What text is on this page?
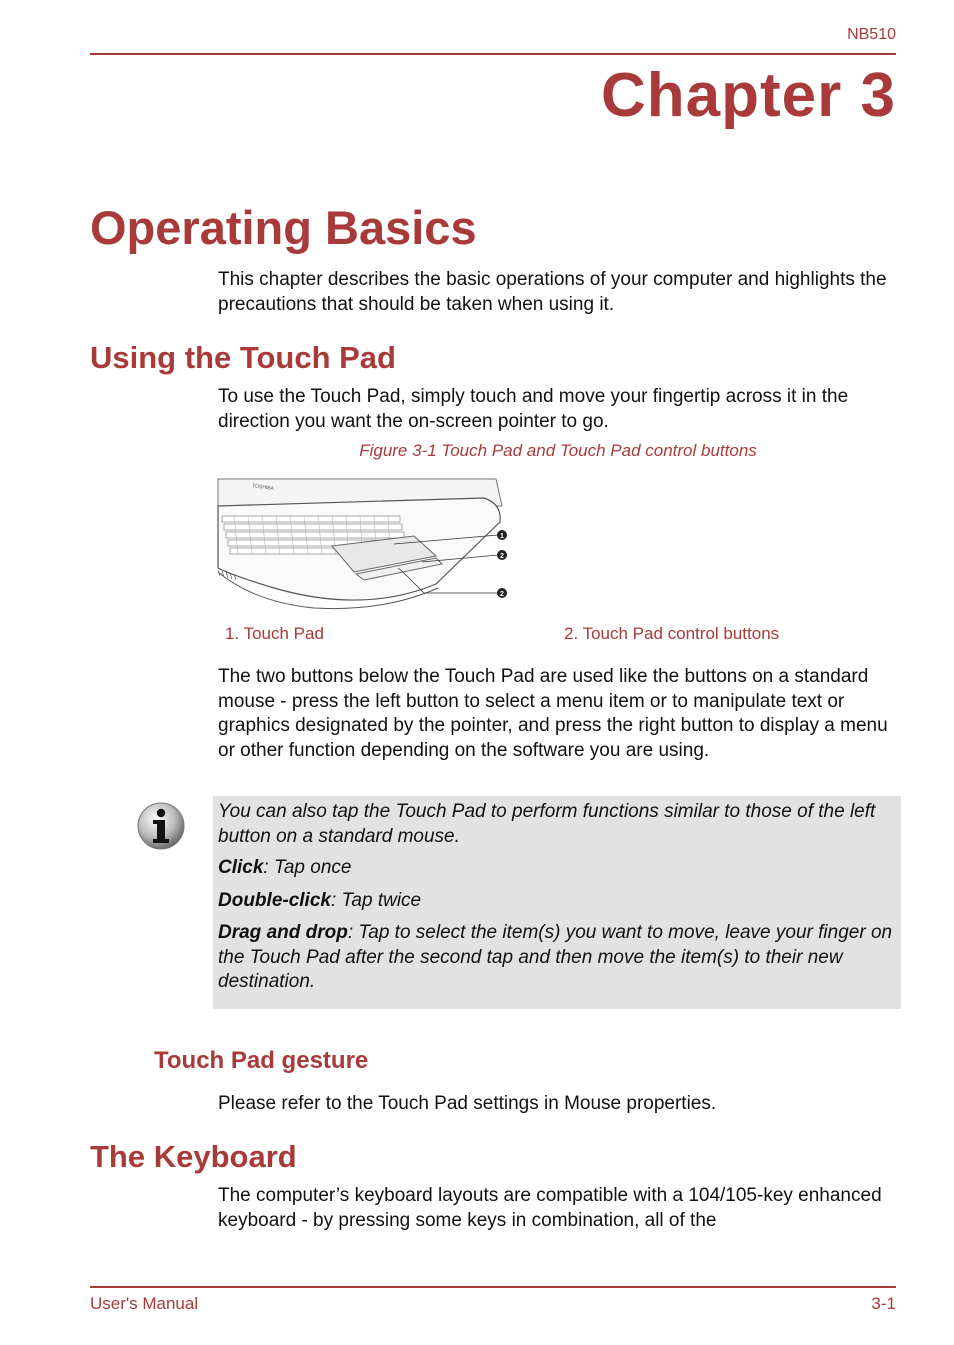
NB510
Chapter 3
Operating Basics

This chapter describes the basic operations of your computer and highlights the precautions that should be taken when using it.

Using the Touch Pad

To use the Touch Pad, simply touch and move your fingertip across it in the direction you want the on-screen pointer to go.

Figure 3-1 Touch Pad and Touch Pad control buttons
TOSHIBA
1
2
2
1. Touch Pad	2. Touch Pad control buttons

The two buttons below the Touch Pad are used like the buttons on a standard mouse - press the left button to select a menu item or to manipulate text or graphics designated by the pointer, and press the right button to display a menu or other function depending on the software you are using.

You can also tap the Touch Pad to perform functions similar to those of the left button on a standard mouse.

Click: Tap once

Double-click: Tap twice

Drag and drop: Tap to select the item(s) you want to move, leave your finger on the Touch Pad after the second tap and then move the item(s) to their new destination.

Touch Pad gesture

Please refer to the Touch Pad settings in Mouse properties.

The Keyboard

The computer’s keyboard layouts are compatible with a 104/105-key enhanced keyboard - by pressing some keys in combination, all of the

User's Manual	3-1
